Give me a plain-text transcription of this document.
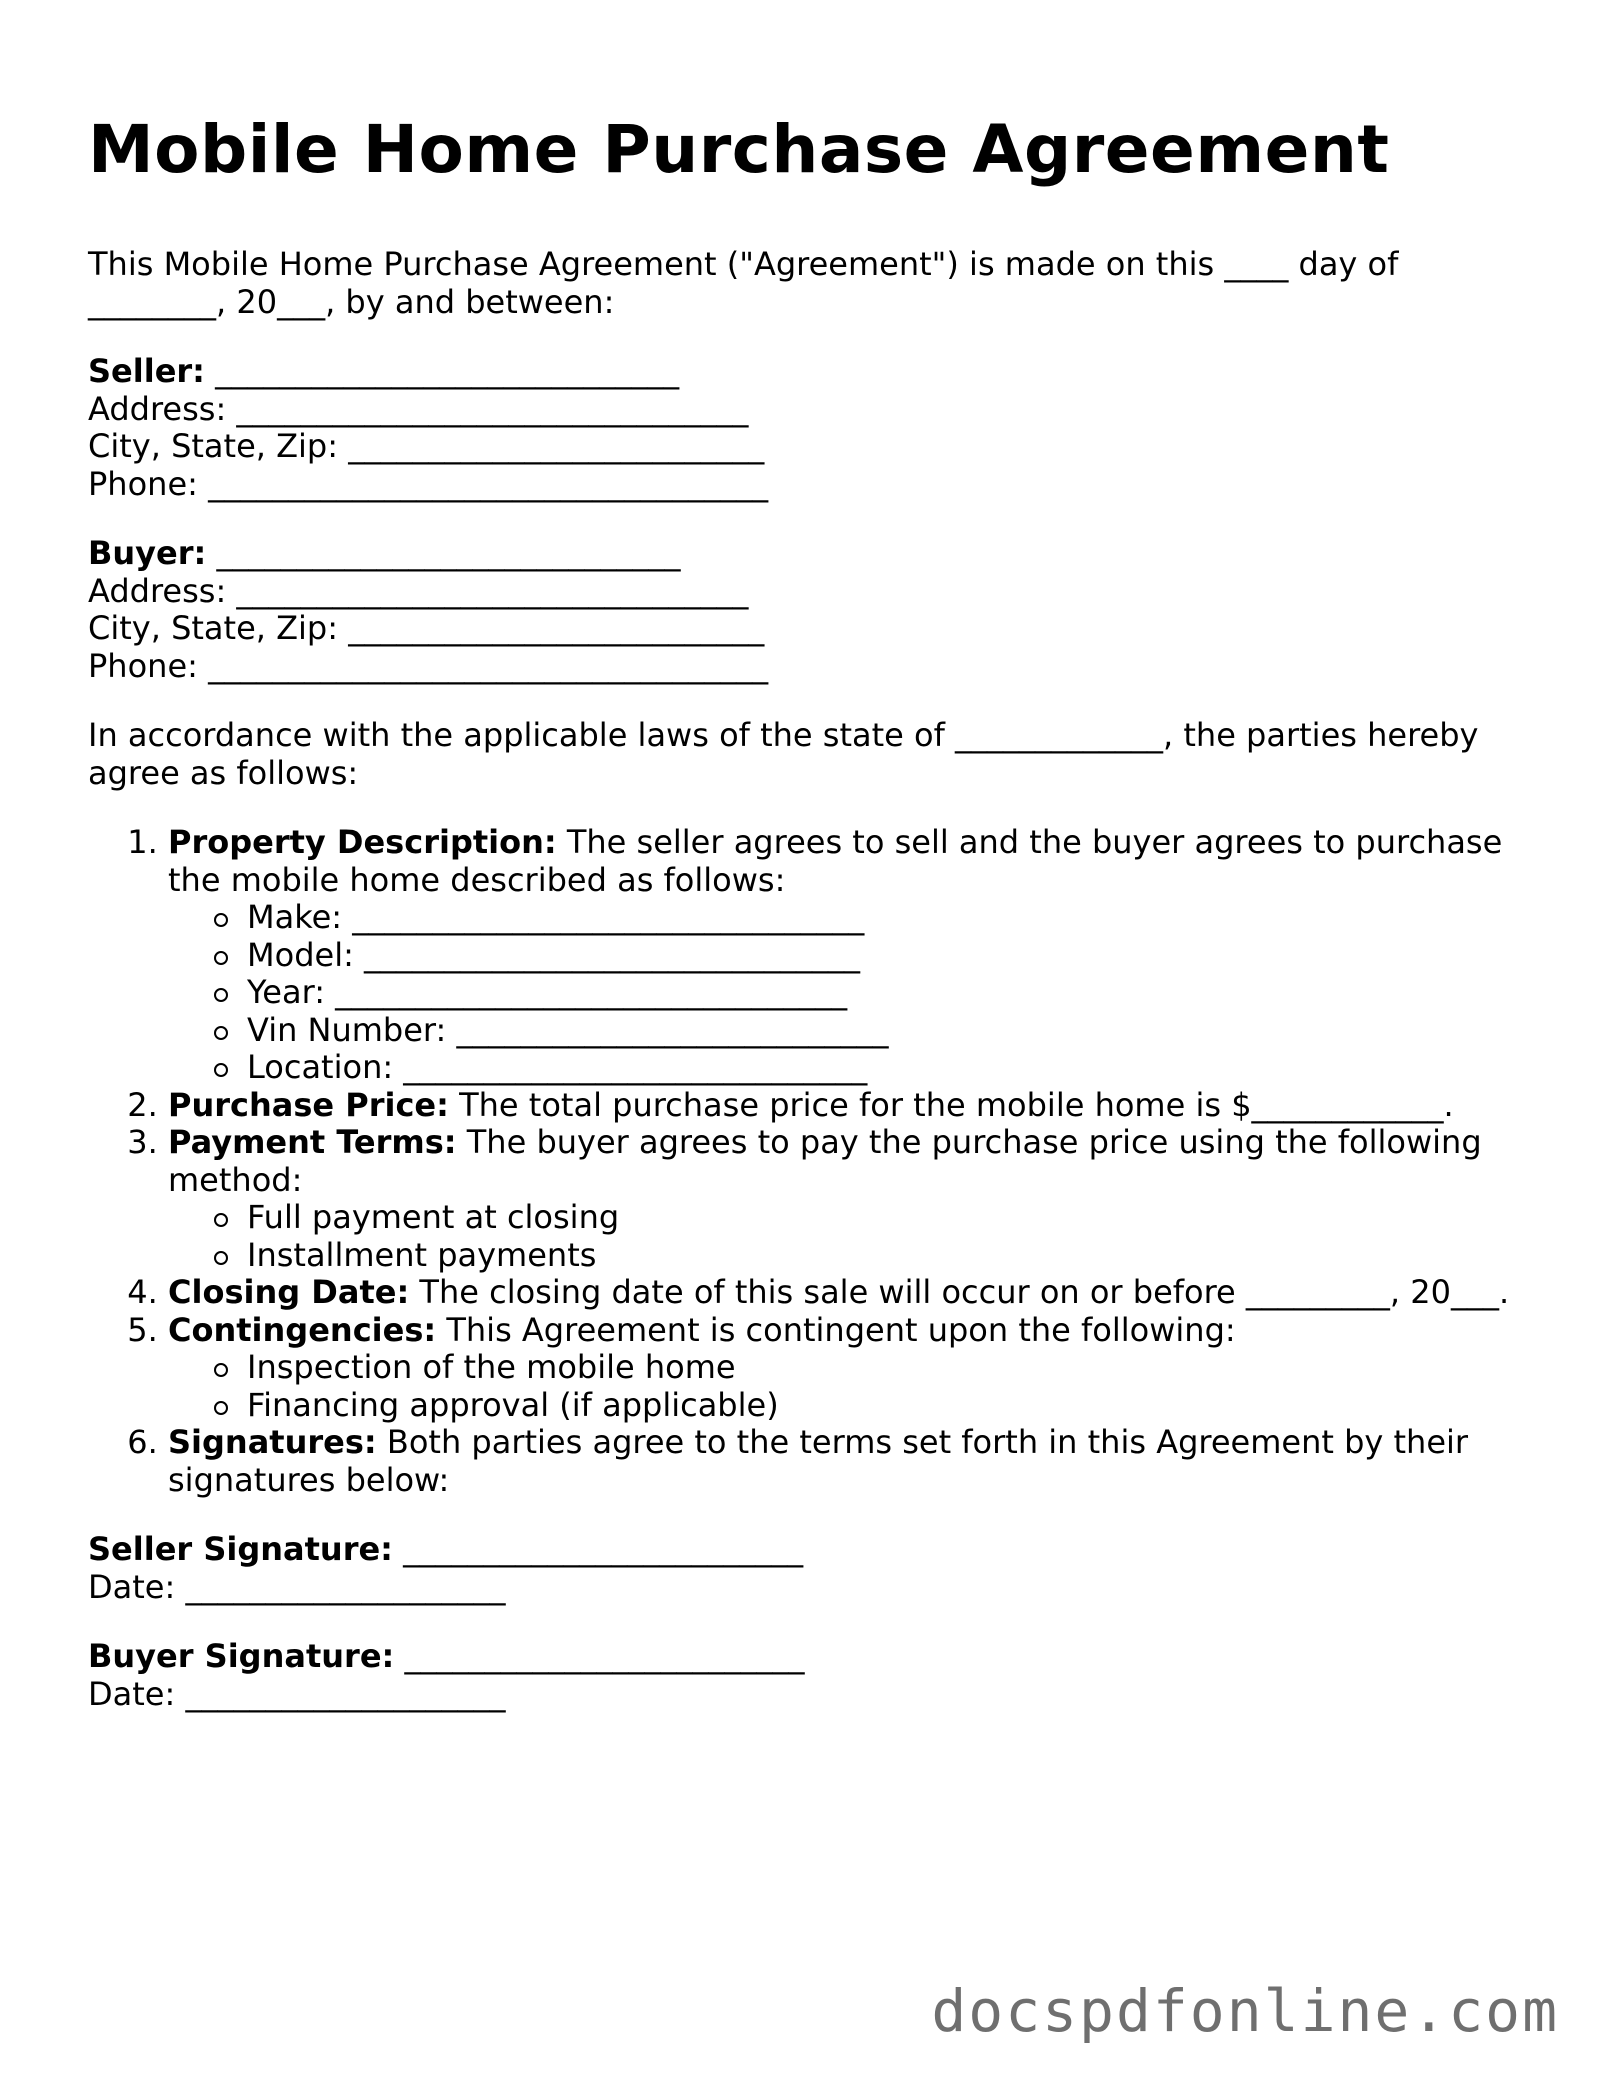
Mobile Home Purchase Agreement

This Mobile Home Purchase Agreement ("Agreement") is made on this ____ day of
________, 20___, by and between:

Seller: _____________________________
Address: ________________________________
City, State, Zip: __________________________
Phone: ___________________________________

Buyer: _____________________________
Address: ________________________________
City, State, Zip: __________________________
Phone: ___________________________________

In accordance with the applicable laws of the state of _____________, the parties hereby
agree as follows:

1. Property Description: The seller agrees to sell and the buyer agrees to purchase the mobile home described as follows:
Make: ________________________________
Model: _______________________________
Year: ________________________________
Vin Number: ___________________________
Location: _____________________________
2. Purchase Price: The total purchase price for the mobile home is $____________.
3. Payment Terms: The buyer agrees to pay the purchase price using the following method:
Full payment at closing
Installment payments
4. Closing Date: The closing date of this sale will occur on or before _________, 20___.
5. Contingencies: This Agreement is contingent upon the following:
Inspection of the mobile home
Financing approval (if applicable)
6. Signatures: Both parties agree to the terms set forth in this Agreement by their signatures below:

Seller Signature: _________________________
Date: ____________________

Buyer Signature: _________________________
Date: ____________________

docspdfonline.com
